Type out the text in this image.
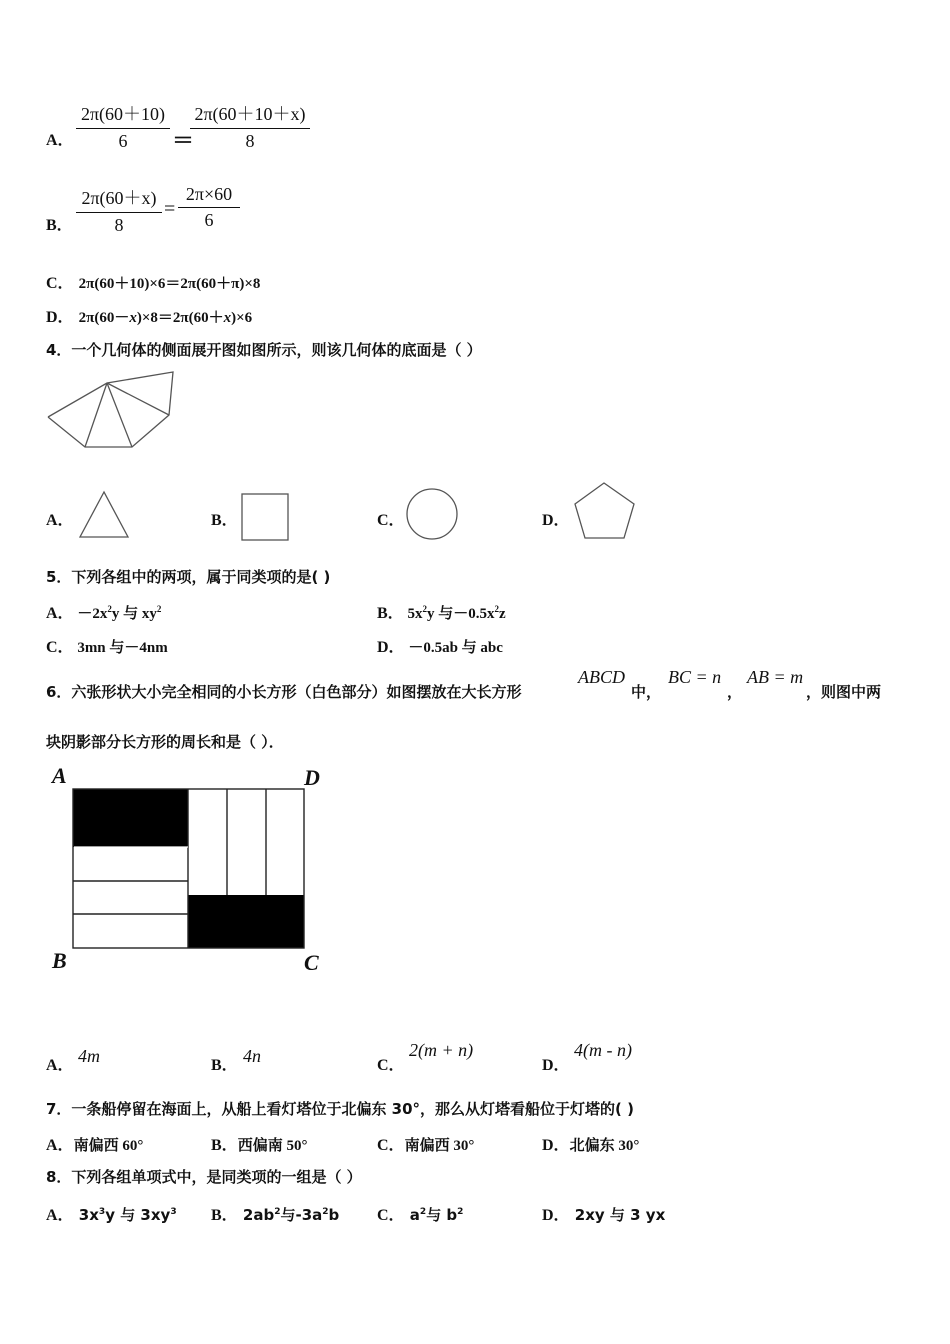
A．
2π(60＋10)
6	＝
2π(60＋10＋x)
8
B．
2π(60＋x)
8
=
2π×60
6
C． 2π(60＋10)×6＝2π(60＋π)×8
D． 2π(60－x)×8＝2π(60＋x)×6
4．一个几何体的侧面展开图如图所示，则该几何体的底面是（ ）
A．	B．	C．	D．
5．下列各组中的两项，属于同类项的是( )
A． $-2x^2y$ 与 $xy^2$	B． $5x^2y$ 与$-0.5x^2z$
C． 3mn 与－4nm	D． －0.5ab 与 abc
6．六张形状大小完全相同的小长方形（白色部分）如图摆放在大长方形
ABCD
中，
BC = n
，
AB = m
，则图中两
块阴影部分长方形的周长和是（ ）．
A	D
B	C
A． 4m	B． 4n	C．
2(m + n)
D．
4(m - n)
7．一条船停留在海面上，从船上看灯塔位于北偏东 30°，那么从灯塔看船位于灯塔的( )
A．南偏西 60°	B．西偏南 50°	C．南偏西 30°	D．北偏东 30°
8．下列各组单项式中，是同类项的一组是（ ）
A． $3x^3y$ 与 $3xy^3$ B． $2ab^2$与$-3a^2b$ C． $a^2$与 $b^2$	D． 2xy 与 3 yx
